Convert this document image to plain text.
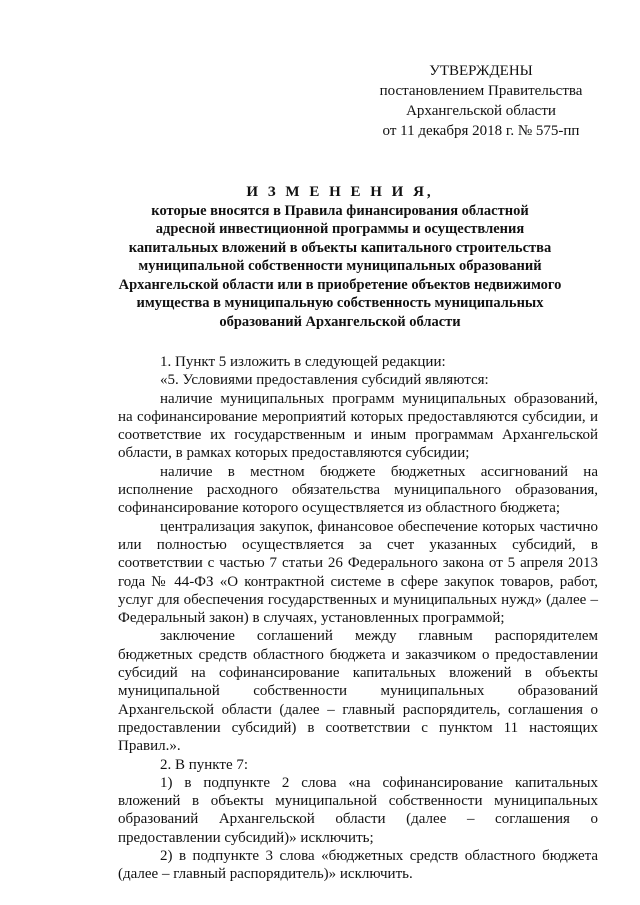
УТВЕРЖДЕНЫ
постановлением Правительства
Архангельской области
от 11 декабря 2018 г. № 575-пп
И З М Е Н Е Н И Я,
которые вносятся в Правила финансирования областной
адресной инвестиционной программы и осуществления
капитальных вложений в объекты капитального строительства
муниципальной собственности муниципальных образований
Архангельской области или в приобретение объектов недвижимого
имущества в муниципальную собственность муниципальных
образований Архангельской области

1. Пункт 5 изложить в следующей редакции:

«5. Условиями предоставления субсидий являются:

наличие муниципальных программ муниципальных образований, на софинансирование мероприятий которых предоставляются субсидии, и соответствие их государственным и иным программам Архангельской области, в рамках которых предоставляются субсидии;

наличие в местном бюджете бюджетных ассигнований на исполнение расходного обязательства муниципального образования, софинансирование которого осуществляется из областного бюджета;

централизация закупок, финансовое обеспечение которых частично или полностью осуществляется за счет указанных субсидий, в соответствии с частью 7 статьи 26 Федерального закона от 5 апреля 2013 года № 44-ФЗ «О контрактной системе в сфере закупок товаров, работ, услуг для обеспечения государственных и муниципальных нужд» (далее – Федеральный закон) в случаях, установленных программой;

заключение соглашений между главным распорядителем бюджетных средств областного бюджета и заказчиком о предоставлении субсидий на софинансирование капитальных вложений в объекты муниципальной собственности муниципальных образований Архангельской области (далее – главный распорядитель, соглашения о предоставлении субсидий) в соответствии с пунктом 11 настоящих Правил.».

2. В пункте 7:

1) в подпункте 2 слова «на софинансирование капитальных вложений в объекты муниципальной собственности муниципальных образований Архангельской области (далее – соглашения о предоставлении субсидий)» исключить;

2) в подпункте 3 слова «бюджетных средств областного бюджета (далее – главный распорядитель)» исключить.
